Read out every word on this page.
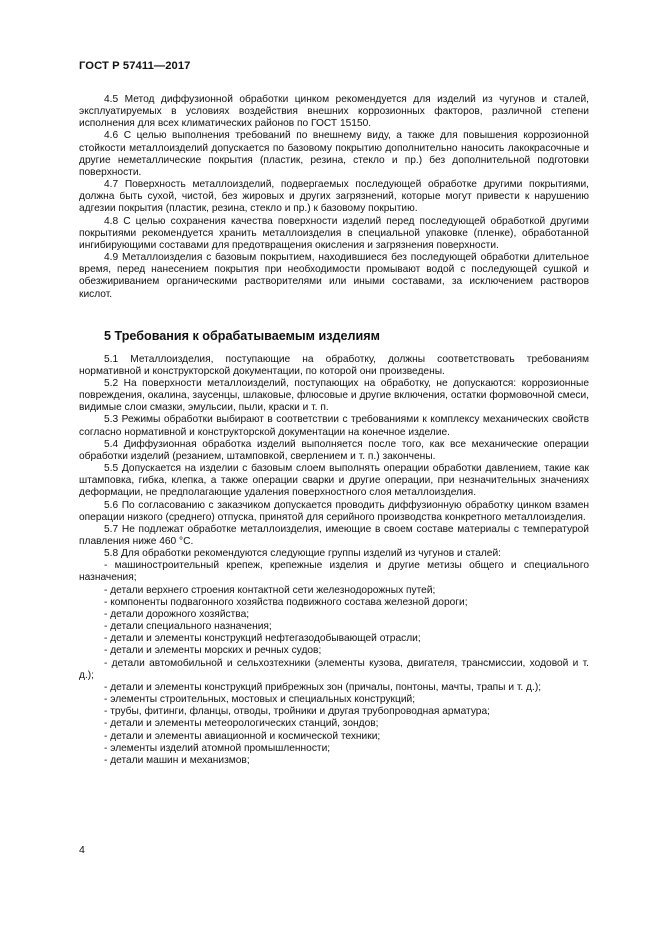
ГОСТ Р 57411—2017

4.5 Метод диффузионной обработки цинком рекомендуется для изделий из чугунов и сталей, эксплуатируемых в условиях воздействия внешних коррозионных факторов, различной степени исполнения для всех климатических районов по ГОСТ 15150.

4.6 С целью выполнения требований по внешнему виду, а также для повышения коррозионной стойкости металлоизделий допускается по базовому покрытию дополнительно наносить лакокрасочные и другие неметаллические покрытия (пластик, резина, стекло и пр.) без дополнительной подготовки поверхности.

4.7 Поверхность металлоизделий, подвергаемых последующей обработке другими покрытиями, должна быть сухой, чистой, без жировых и других загрязнений, которые могут привести к нарушению адгезии покрытия (пластик, резина, стекло и пр.) к базовому покрытию.

4.8 С целью сохранения качества поверхности изделий перед последующей обработкой другими покрытиями рекомендуется хранить металлоизделия в специальной упаковке (пленке), обработанной ингибирующими составами для предотвращения окисления и загрязнения поверхности.

4.9 Металлоизделия с базовым покрытием, находившиеся без последующей обработки длительное время, перед нанесением покрытия при необходимости промывают водой с последующей сушкой и обезжириванием органическими растворителями или иными составами, за исключением растворов кислот.

5 Требования к обрабатываемым изделиям

5.1 Металлоизделия, поступающие на обработку, должны соответствовать требованиям нормативной и конструкторской документации, по которой они произведены.

5.2 На поверхности металлоизделий, поступающих на обработку, не допускаются: коррозионные повреждения, окалина, заусенцы, шлаковые, флюсовые и другие включения, остатки формовочной смеси, видимые слои смазки, эмульсии, пыли, краски и т. п.

5.3 Режимы обработки выбирают в соответствии с требованиями к комплексу механических свойств согласно нормативной и конструкторской документации на конечное изделие.

5.4 Диффузионная обработка изделий выполняется после того, как все механические операции обработки изделий (резанием, штамповкой, сверлением и т. п.) закончены.

5.5 Допускается на изделии с базовым слоем выполнять операции обработки давлением, такие как штамповка, гибка, клепка, а также операции сварки и другие операции, при незначительных значениях деформации, не предполагающие удаления поверхностного слоя металлоизделия.

5.6 По согласованию с заказчиком допускается проводить диффузионную обработку цинком взамен операции низкого (среднего) отпуска, принятой для серийного производства конкретного металлоизделия.

5.7 Не подлежат обработке металлоизделия, имеющие в своем составе материалы с температурой плавления ниже 460 °С.

5.8 Для обработки рекомендуются следующие группы изделий из чугунов и сталей:

- машиностроительный крепеж, крепежные изделия и другие метизы общего и специального назначения;

- детали верхнего строения контактной сети железнодорожных путей;

- компоненты подвагонного хозяйства подвижного состава железной дороги;

- детали дорожного хозяйства;

- детали специального назначения;

- детали и элементы конструкций нефтегазодобывающей отрасли;

- детали и элементы морских и речных судов;

- детали автомобильной и сельхозтехники (элементы кузова, двигателя, трансмиссии, ходовой и т. д.);

- детали и элементы конструкций прибрежных зон (причалы, понтоны, мачты, трапы и т. д.);

- элементы строительных, мостовых и специальных конструкций;

- трубы, фитинги, фланцы, отводы, тройники и другая трубопроводная арматура;

- детали и элементы метеорологических станций, зондов;

- детали и элементы авиационной и космической техники;

- элементы изделий атомной промышленности;

- детали машин и механизмов;

4
